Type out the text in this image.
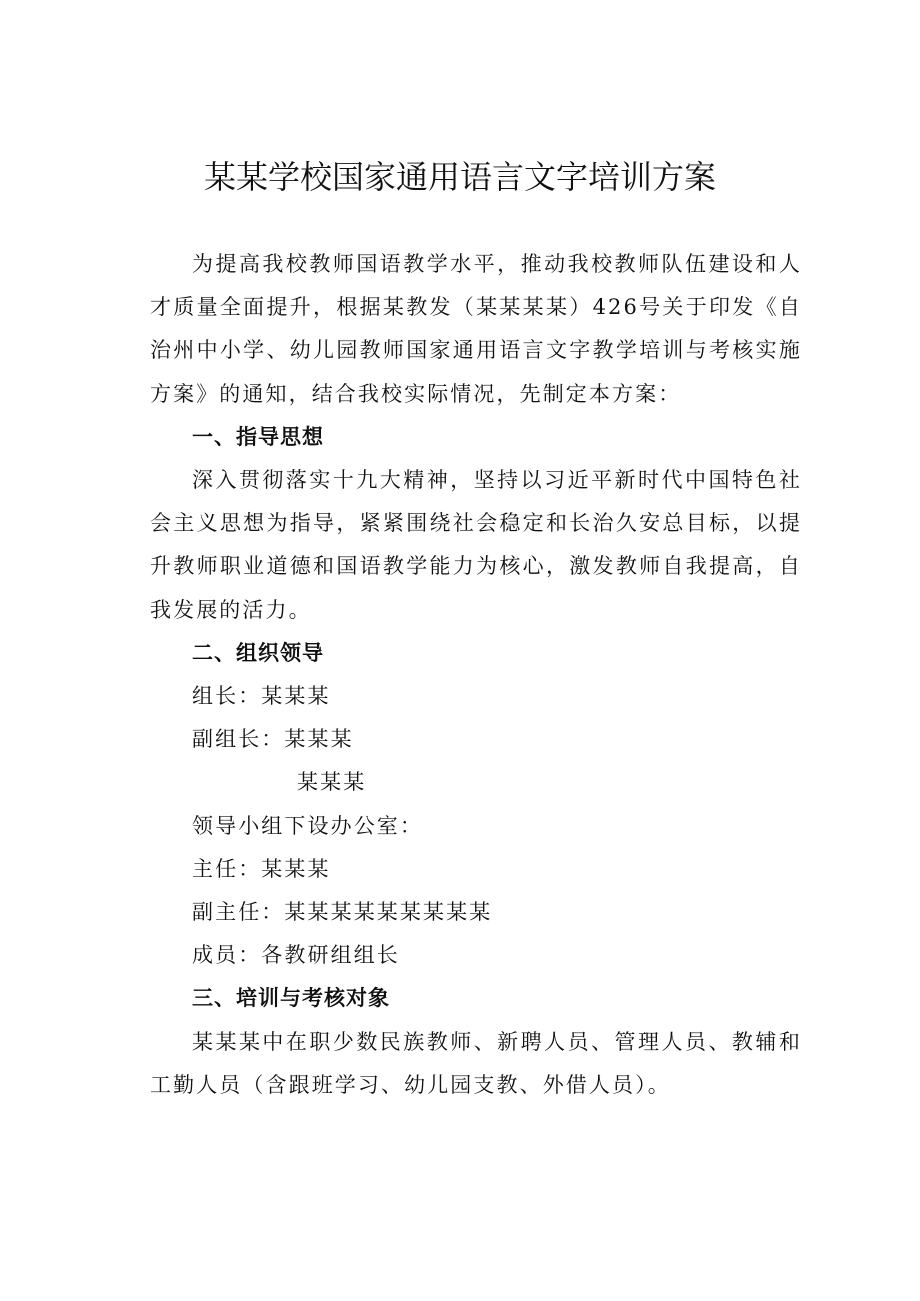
某某学校国家通用语言文字培训方案

为提高我校教师国语教学水平，推动我校教师队伍建设和人才质量全面提升，根据某教发（某某某某）426号关于印发《自治州中小学、幼儿园教师国家通用语言文字教学培训与考核实施方案》的通知，结合我校实际情况，先制定本方案：

一、指导思想

深入贯彻落实十九大精神，坚持以习近平新时代中国特色社会主义思想为指导，紧紧围绕社会稳定和长治久安总目标，以提升教师职业道德和国语教学能力为核心，激发教师自我提高，自我发展的活力。

二、组织领导

组长：某某某

副组长：某某某

某某某

领导小组下设办公室：

主任：某某某

副主任：某某某某某某某某某

成员：各教研组组长

三、培训与考核对象

某某某中在职少数民族教师、新聘人员、管理人员、教辅和工勤人员（含跟班学习、幼儿园支教、外借人员）。
